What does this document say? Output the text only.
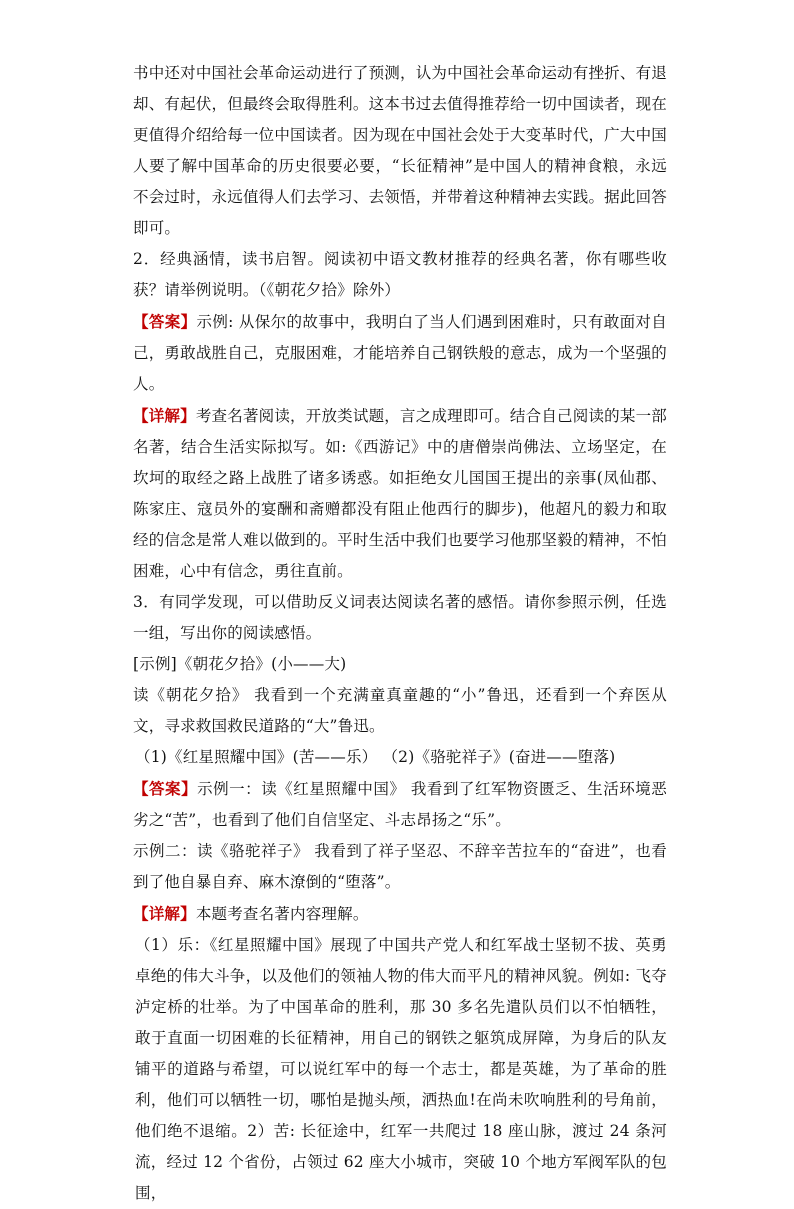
书中还对中国社会革命运动进行了预测，认为中国社会革命运动有挫折、有退却、有起伏，但最终会取得胜利。这本书过去值得推荐给一切中国读者，现在更值得介绍给每一位中国读者。因为现在中国社会处于大变革时代，广大中国人要了解中国革命的历史很要必要，“长征精神”是中国人的精神食粮，永远不会过时，永远值得人们去学习、去领悟，并带着这种精神去实践。据此回答即可。

2．经典涵情，读书启智。阅读初中语文教材推荐的经典名著，你有哪些收获？请举例说明。（《朝花夕拾》除外）

【答案】示例: 从保尔的故事中，我明白了当人们遇到困难时，只有敢面对自己，勇敢战胜自己，克服困难，才能培养自己钢铁般的意志，成为一个坚强的人。

【详解】考查名著阅读，开放类试题，言之成理即可。结合自己阅读的某一部名著，结合生活实际拟写。如:《西游记》中的唐僧崇尚佛法、立场坚定，在坎坷的取经之路上战胜了诸多诱惑。如拒绝女儿国国王提出的亲事(凤仙郡、陈家庄、寇员外的宴酬和斋赠都没有阻止他西行的脚步)，他超凡的毅力和取经的信念是常人难以做到的。平时生活中我们也要学习他那坚毅的精神，不怕困难，心中有信念，勇往直前。

3．有同学发现，可以借助反义词表达阅读名著的感悟。请你参照示例，任选一组，写出你的阅读感悟。

[示例]《朝花夕拾》(小——大)

读《朝花夕拾》 我看到一个充满童真童趣的“小”鲁迅，还看到一个弃医从文，寻求救国救民道路的“大”鲁迅。

（1)《红星照耀中国》(苦——乐） （2)《骆驼祥子》(奋进——堕落)

【答案】示例一：读《红星照耀中国》 我看到了红军物资匮乏、生活环境恶劣之“苦”，也看到了他们自信坚定、斗志昂扬之“乐”。

示例二：读《骆驼祥子》 我看到了祥子坚忍、不辞辛苦拉车的“奋进”，也看到了他自暴自弃、麻木潦倒的“堕落”。

【详解】本题考查名著内容理解。

（1）乐：《红星照耀中国》展现了中国共产党人和红军战士坚韧不拔、英勇卓绝的伟大斗争，以及他们的领袖人物的伟大而平凡的精神风貌。例如: 飞夺泸定桥的壮举。为了中国革命的胜利，那 30 多名先遣队员们以不怕牺牲，敢于直面一切困难的长征精神，用自己的钢铁之躯筑成屏障，为身后的队友铺平的道路与希望，可以说红军中的每一个志士，都是英雄，为了革命的胜利，他们可以牺牲一切，哪怕是抛头颅，洒热血!在尚未吹响胜利的号角前，他们绝不退缩。2）苦: 长征途中，红军一共爬过 18 座山脉，渡过 24 条河流，经过 12 个省份，占领过 62 座大小城市，突破 10 个地方军阀军队的包围，
